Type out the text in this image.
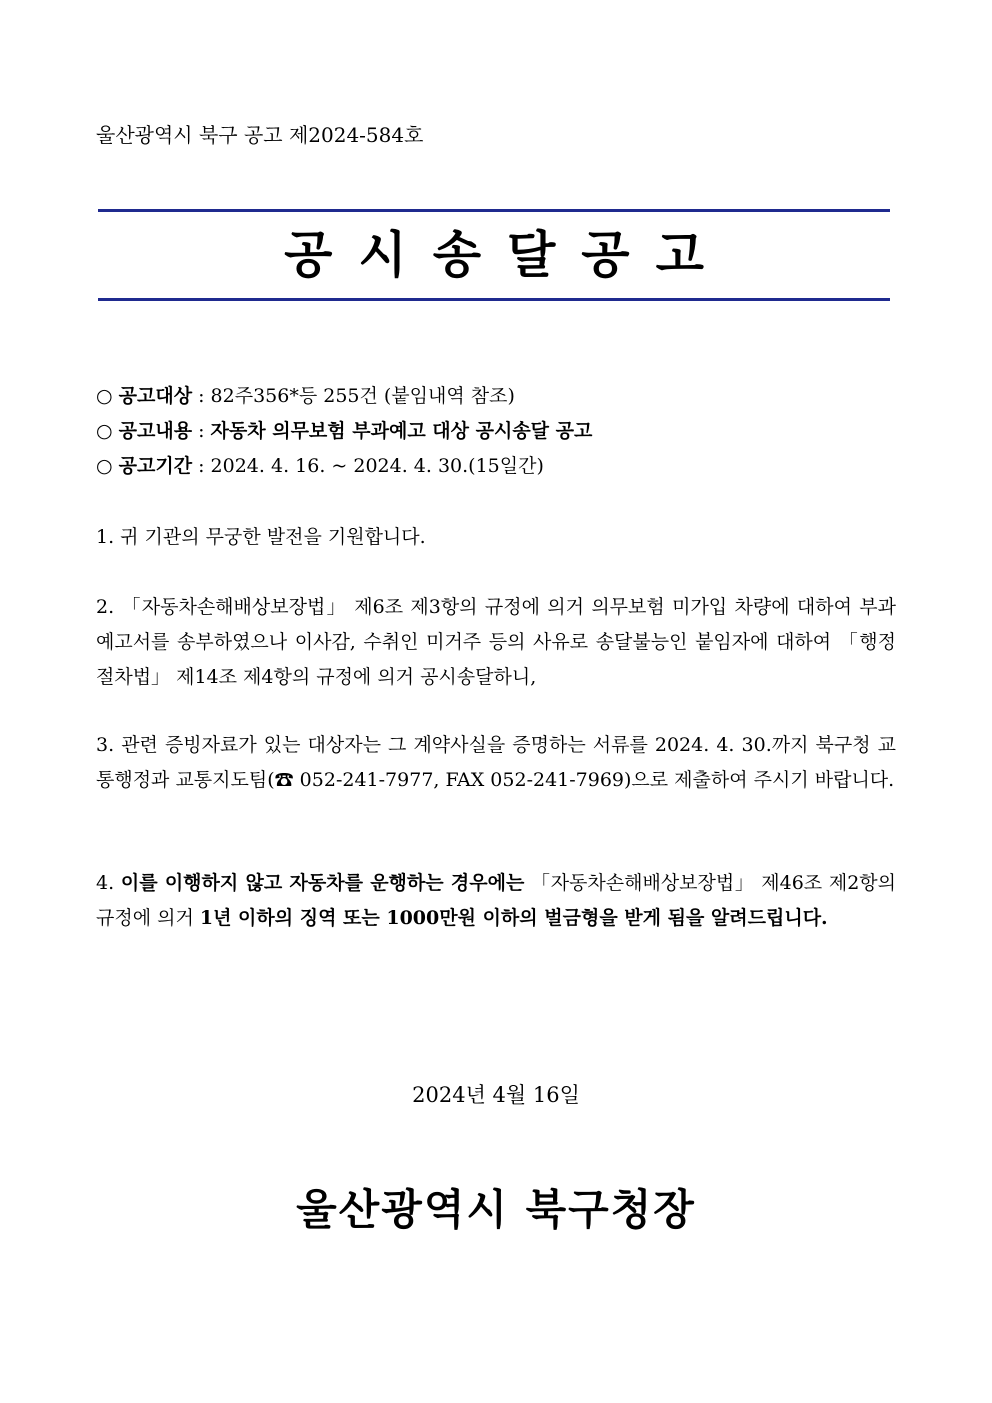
울산광역시 북구 공고 제2024-584호

공시송달공고
○ 공고대상 : 82주356*등 255건 (붙임내역 참조)
○ 공고내용 : 자동차 의무보험 부과예고 대상 공시송달 공고
○ 공고기간 : 2024. 4. 16. ~ 2024. 4. 30.(15일간)

1. 귀 기관의 무궁한 발전을 기원합니다.

2. 「자동차손해배상보장법」 제6조 제3항의 규정에 의거 의무보험 미가입 차량에 대하여 부과예고서를 송부하였으나 이사감, 수취인 미거주 등의 사유로 송달불능인 붙임자에 대하여 「행정절차법」 제14조 제4항의 규정에 의거 공시송달하니,

3. 관련 증빙자료가 있는 대상자는 그 계약사실을 증명하는 서류를 2024. 4. 30.까지 북구청 교통행정과 교통지도팀(☎ 052-241-7977, FAX 052-241-7969)으로 제출하여 주시기 바랍니다.

4. 이를 이행하지 않고 자동차를 운행하는 경우에는 「자동차손해배상보장법」 제46조 제2항의 규정에 의거 1년 이하의 징역 또는 1000만원 이하의 벌금형을 받게 됨을 알려드립니다.

2024년 4월 16일

울산광역시 북구청장
